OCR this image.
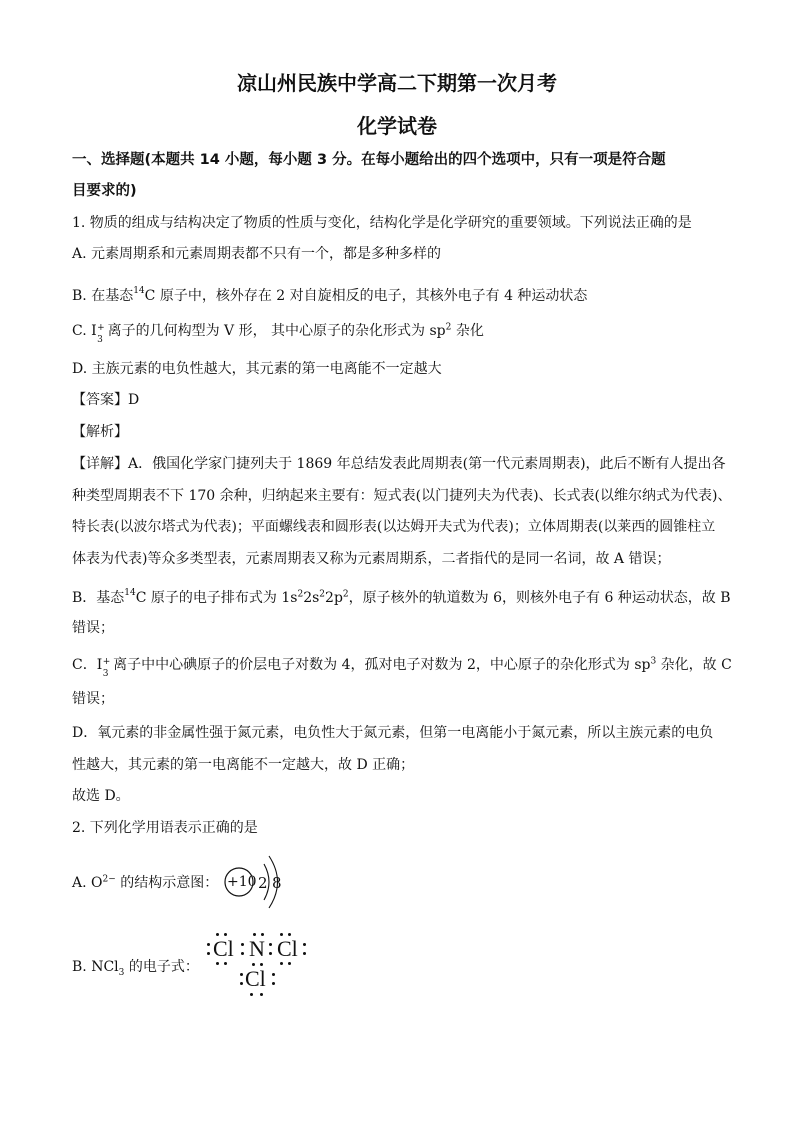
凉山州民族中学高二下期第一次月考
化学试卷
一、选择题(本题共 14 小题，每小题 3 分。在每小题给出的四个选项中，只有一项是符合题
目要求的)
1. 物质的组成与结构决定了物质的性质与变化，结构化学是化学研究的重要领域。下列说法正确的是
A. 元素周期系和元素周期表都不只有一个，都是多种多样的
B. 在基态$^{14}$C 原子中，核外存在 2 对自旋相反的电子，其核外电子有 4 种运动状态
C. I +
3
离子的几何构型为 V 形， 其中心原子的杂化形式为 $sp^2$ 杂化
D. 主族元素的电负性越大，其元素的第一电离能不一定越大
【答案】D
【解析】
【详解】A．俄国化学家门捷列夫于 1869 年总结发表此周期表(第一代元素周期表)，此后不断有人提出各
种类型周期表不下 170 余种，归纳起来主要有：短式表(以门捷列夫为代表)、长式表(以维尔纳式为代表)、
特长表(以波尔塔式为代表)；平面螺线表和圆形表(以达姆开夫式为代表)；立体周期表(以莱西的圆锥柱立
体表为代表)等众多类型表，元素周期表又称为元素周期系，二者指代的是同一名词，故 A 错误；
B．基态$^{14}$C 原子的电子排布式为 $1s^22s^22p^2$，原子核外的轨道数为 6，则核外电子有 6 种运动状态，故 B
错误；
C． I +
3
离子中中心碘原子的价层电子对数为 4，孤对电子对数为 2，中心原子的杂化形式为 $sp^3$ 杂化，故 C
错误；
D．氧元素的非金属性强于氮元素，电负性大于氮元素，但第一电离能小于氮元素，所以主族元素的电负
性越大，其元素的第一电离能不一定越大，故 D 正确；
故选 D。
2. 下列化学用语表示正确的是
A. $O^{2-}$ 的结构示意图： +10 2 8
B. NCl$_3$ 的电子式：
Cl N Cl
Cl
